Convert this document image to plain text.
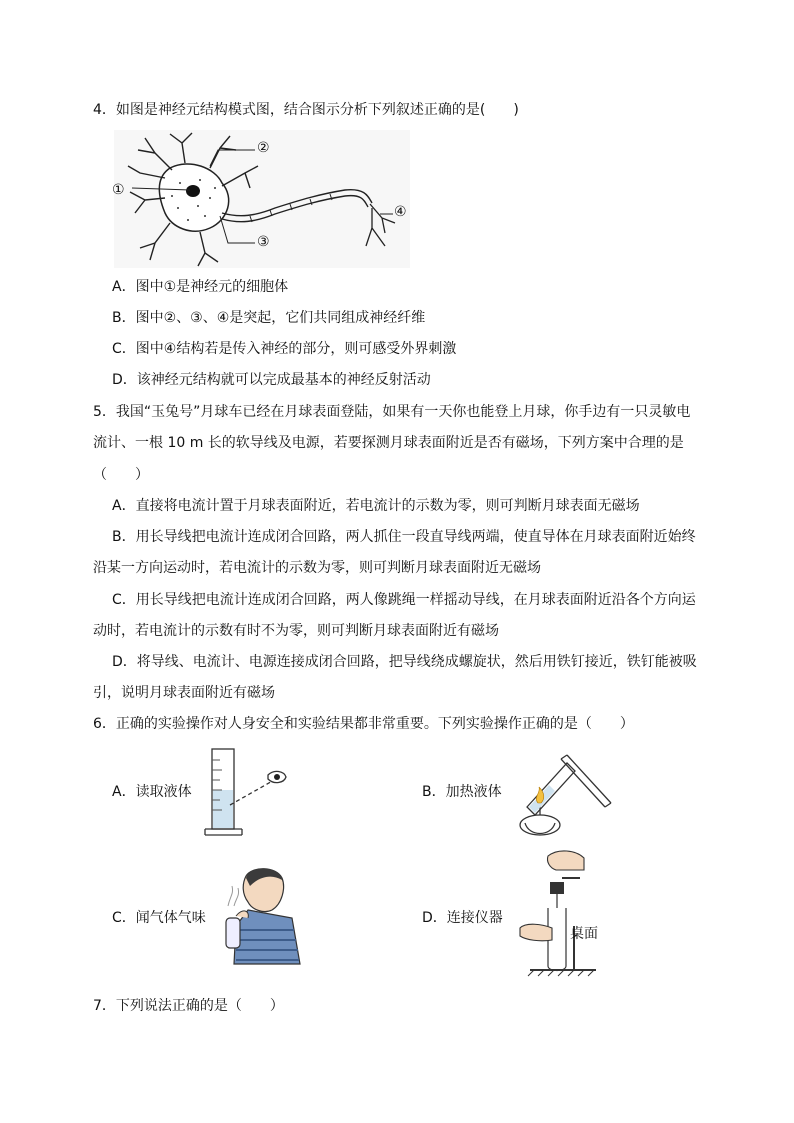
4．如图是神经元结构模式图，结合图示分析下列叙述正确的是(　　)
①
②
③
④
A．图中①是神经元的细胞体
B．图中②、③、④是突起，它们共同组成神经纤维
C．图中④结构若是传入神经的部分，则可感受外界刺激
D．该神经元结构就可以完成最基本的神经反射活动
5．我国“玉兔号”月球车已经在月球表面登陆，如果有一天你也能登上月球，你手边有一只灵敏电
流计、一根 10 m 长的软导线及电源，若要探测月球表面附近是否有磁场，下列方案中合理的是
（　　）
A．直接将电流计置于月球表面附近，若电流计的示数为零，则可判断月球表面无磁场
B．用长导线把电流计连成闭合回路，两人抓住一段直导线两端，使直导体在月球表面附近始终
沿某一方向运动时，若电流计的示数为零，则可判断月球表面附近无磁场
C．用长导线把电流计连成闭合回路，两人像跳绳一样摇动导线，在月球表面附近沿各个方向运
动时，若电流计的示数有时不为零，则可判断月球表面附近有磁场
D．将导线、电流计、电源连接成闭合回路，把导线绕成螺旋状，然后用铁钉接近，铁钉能被吸
引，说明月球表面附近有磁场
6．正确的实验操作对人身安全和实验结果都非常重要。下列实验操作正确的是（　　）
A．读取液体	B．加热液体
C．闻气体气味	D．连接仪器
桌面
7．下列说法正确的是（　　）
